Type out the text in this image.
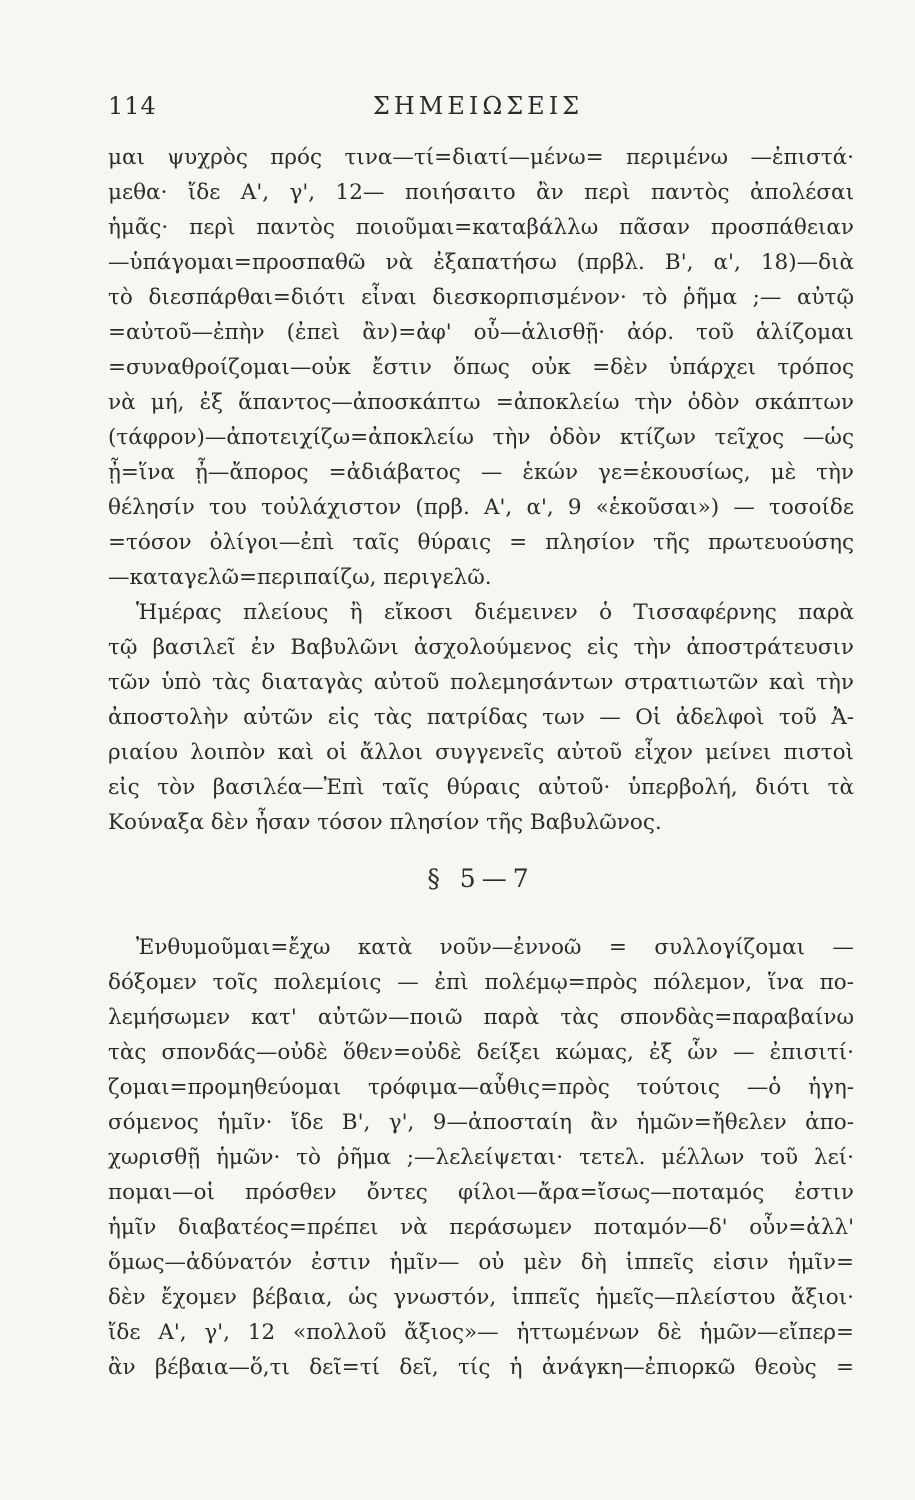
114	ΣΗΜΕΙΩΣΕΙΣ
μαι ψυχρὸς πρός τινα—τί=διατί—μένω= περιμένω —ἐπιστά·
μεθα· ἴδε Α', γ', 12— ποιήσαιτο ἂν περὶ παντὸς ἀπολέσαι
ἡμᾶς· περὶ παντὸς ποιοῦμαι=καταβάλλω πᾶσαν προσπάθειαν
—ὑπάγομαι=προσπαθῶ νὰ ἐξαπατήσω (πρβλ. Β', α', 18)—διὰ
τὸ διεσπάρθαι=διότι εἶναι διεσκορπισμένον· τὸ ῥῆμα ;— αὐτῷ
=αὐτοῦ—ἐπὴν (ἐπεὶ ἂν)=ἀφ' οὗ—ἁλισθῇ· ἀόρ. τοῦ ἁλίζομαι
=συναθροίζομαι—οὐκ ἔστιν ὅπως οὐκ =δὲν ὑπάρχει τρόπος
νὰ μή, ἐξ ἅπαντος—ἀποσκάπτω =ἀποκλείω τὴν ὁδὸν σκάπτων
(τάφρον)—ἀποτειχίζω=ἀποκλείω τὴν ὁδὸν κτίζων τεῖχος —ὡς
ᾖ=ἵνα ᾖ—ἄπορος =ἀδιάβατος — ἑκών γε=ἑκουσίως, μὲ τὴν
θέλησίν του τοὐλάχιστον (πρβ. Α', α', 9 «ἑκοῦσαι») — τοσοίδε
=τόσον ὀλίγοι—ἐπὶ ταῖς θύραις = πλησίον τῆς πρωτευούσης
—καταγελῶ=περιπαίζω, περιγελῶ.
Ἡμέρας πλείους ἢ εἴκοσι διέμεινεν ὁ Τισσαφέρνης παρὰ
τῷ βασιλεῖ ἐν Βαβυλῶνι ἀσχολούμενος εἰς τὴν ἀποστράτευσιν
τῶν ὑπὸ τὰς διαταγὰς αὐτοῦ πολεμησάντων στρατιωτῶν καὶ τὴν
ἀποστολὴν αὐτῶν εἰς τὰς πατρίδας των — Οἱ ἀδελφοὶ τοῦ Ἀ-
ριαίου λοιπὸν καὶ οἱ ἄλλοι συγγενεῖς αὐτοῦ εἶχον μείνει πιστοὶ
εἰς τὸν βασιλέα—Ἐπὶ ταῖς θύραις αὐτοῦ· ὑπερβολή, διότι τὰ
Κούναξα δὲν ἦσαν τόσον πλησίον τῆς Βαβυλῶνος.
§ 5—7
Ἐνθυμοῦμαι=ἔχω κατὰ νοῦν—ἐννοῶ = συλλογίζομαι —
δόξομεν τοῖς πολεμίοις — ἐπὶ πολέμῳ=πρὸς πόλεμον, ἵνα πο-
λεμήσωμεν κατ' αὐτῶν—ποιῶ παρὰ τὰς σπονδὰς=παραβαίνω
τὰς σπονδάς—οὐδὲ ὅθεν=οὐδὲ δείξει κώμας, ἐξ ὧν — ἐπισιτί·
ζομαι=προμηθεύομαι τρόφιμα—αὖθις=πρὸς τούτοις —ὁ ἡγη-
σόμενος ἡμῖν· ἴδε Β', γ', 9—ἀποσταίη ἂν ἡμῶν=ἤθελεν ἀπο-
χωρισθῇ ἡμῶν· τὸ ῥῆμα ;—λελείψεται· τετελ. μέλλων τοῦ λεί·
πομαι—οἱ πρόσθεν ὄντες φίλοι—ἄρα=ἴσως—ποταμός ἐστιν
ἡμῖν διαβατέος=πρέπει νὰ περάσωμεν ποταμόν—δ' οὖν=ἀλλ'
ὅμως—ἀδύνατόν ἐστιν ἡμῖν— οὐ μὲν δὴ ἱππεῖς εἰσιν ἡμῖν=
δὲν ἔχομεν βέβαια, ὡς γνωστόν, ἱππεῖς ἡμεῖς—πλείστου ἄξιοι·
ἴδε Α', γ', 12 «πολλοῦ ἄξιος»— ἡττωμένων δὲ ἡμῶν—εἴπερ=
ἂν βέβαια—ὅ,τι δεῖ=τί δεῖ, τίς ἡ ἀνάγκη—ἐπιορκῶ θεοὺς =
